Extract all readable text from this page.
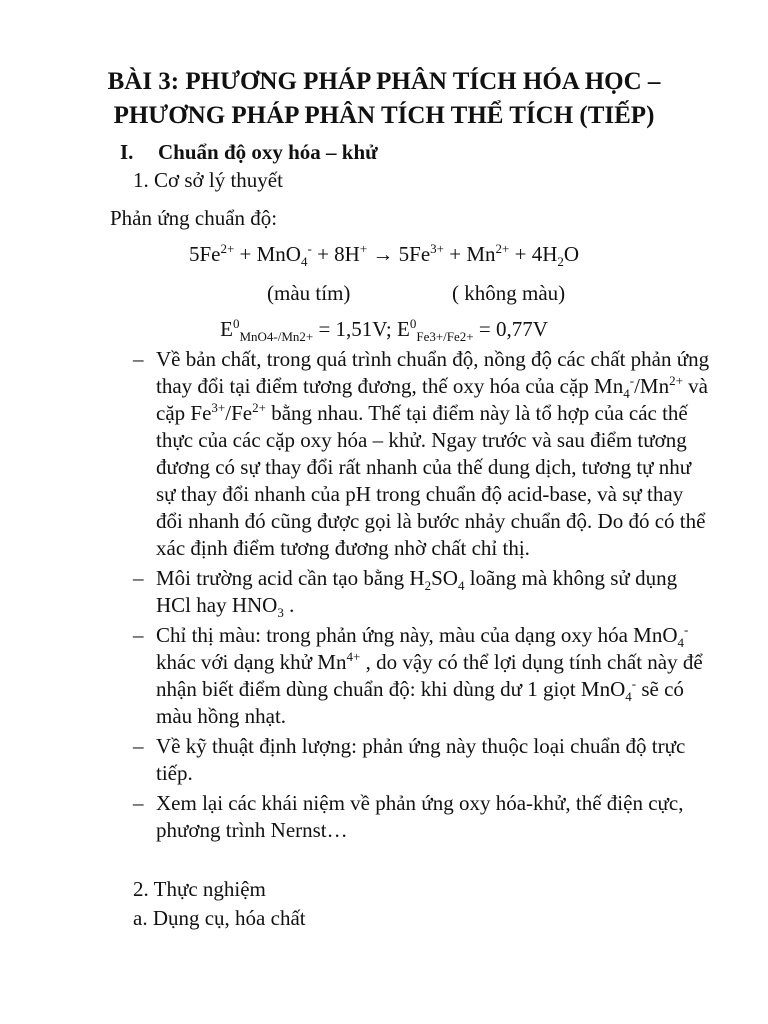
BÀI 3: PHƯƠNG PHÁP PHÂN TÍCH HÓA HỌC –
PHƯƠNG PHÁP PHÂN TÍCH THỂ TÍCH (TIẾP)
I. Chuẩn độ oxy hóa – khử
1. Cơ sở lý thuyết
Phản ứng chuẩn độ:
$5Fe^{2+} + MnO_4^- + 8H^+ \to 5Fe^{3+} + Mn^{2+} + 4H_2O$
(màu tím)	( không màu)
$E^0_{MnO4-/Mn2+} = 1,51V$; $E^0_{Fe3+/Fe2+} = 0,77V$
– Về bản chất, trong quá trình chuẩn độ, nồng độ các chất phản ứng thay đổi tại điểm tương đương, thế oxy hóa của cặp $Mn_4^-/Mn^{2+}$ và cặp $Fe^{3+}/Fe^{2+}$ bằng nhau. Thế tại điểm này là tổ hợp của các thế thực của các cặp oxy hóa – khử. Ngay trước và sau điểm tương đương có sự thay đổi rất nhanh của thế dung dịch, tương tự như sự thay đổi nhanh của pH trong chuẩn độ acid-base, và sự thay đổi nhanh đó cũng được gọi là bước nhảy chuẩn độ. Do đó có thể xác định điểm tương đương nhờ chất chỉ thị.
– Môi trường acid cần tạo bằng $H_2SO_4$ loãng mà không sử dụng HCl hay $HNO_3$ .
– Chỉ thị màu: trong phản ứng này, màu của dạng oxy hóa MnO$_4$- khác với dạng khử $Mn^{4+}$ , do vậy có thể lợi dụng tính chất này để nhận biết điểm dùng chuẩn độ: khi dùng dư 1 giọt MnO$_4$- sẽ có màu hồng nhạt.
– Về kỹ thuật định lượng: phản ứng này thuộc loại chuẩn độ trực tiếp.
– Xem lại các khái niệm về phản ứng oxy hóa-khử, thế điện cực, phương trình Nernst…
2. Thực nghiệm
a. Dụng cụ, hóa chất
